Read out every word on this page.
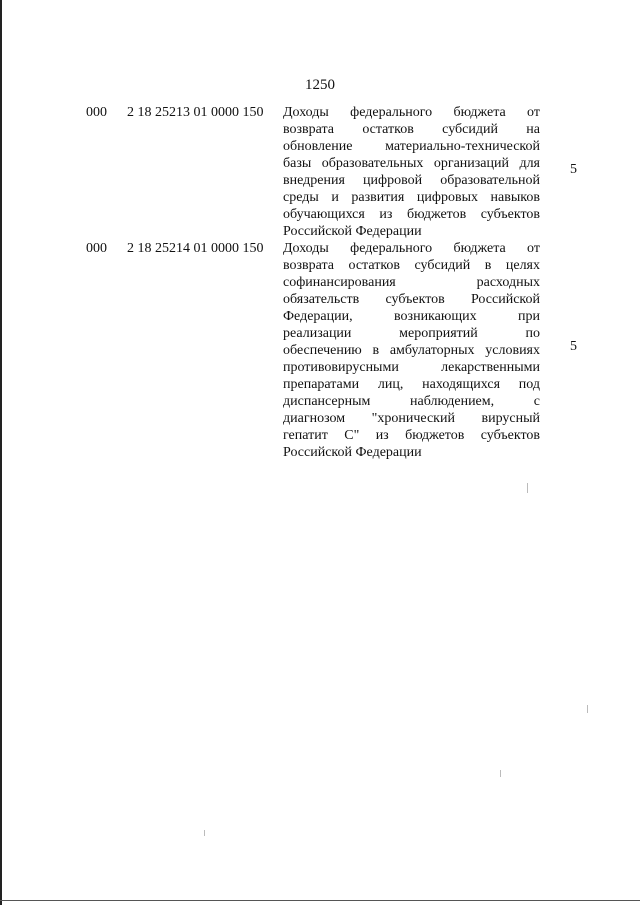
1250
000 2 18 25213 01 0000 150 Доходы федерального бюджета от
возврата остатков субсидий на
обновление материально-технической
базы образовательных организаций для
внедрения цифровой образовательной
среды и развития цифровых навыков
обучающихся из бюджетов субъектов
Российской Федерации
5
000 2 18 25214 01 0000 150 Доходы федерального бюджета от
возврата остатков субсидий в целях
софинансирования расходных
обязательств субъектов Российской
Федерации, возникающих при
реализации мероприятий по
обеспечению в амбулаторных условиях
противовирусными лекарственными
препаратами лиц, находящихся под
диспансерным наблюдением, с
диагнозом "хронический вирусный
гепатит С" из бюджетов субъектов
Российской Федерации
5
